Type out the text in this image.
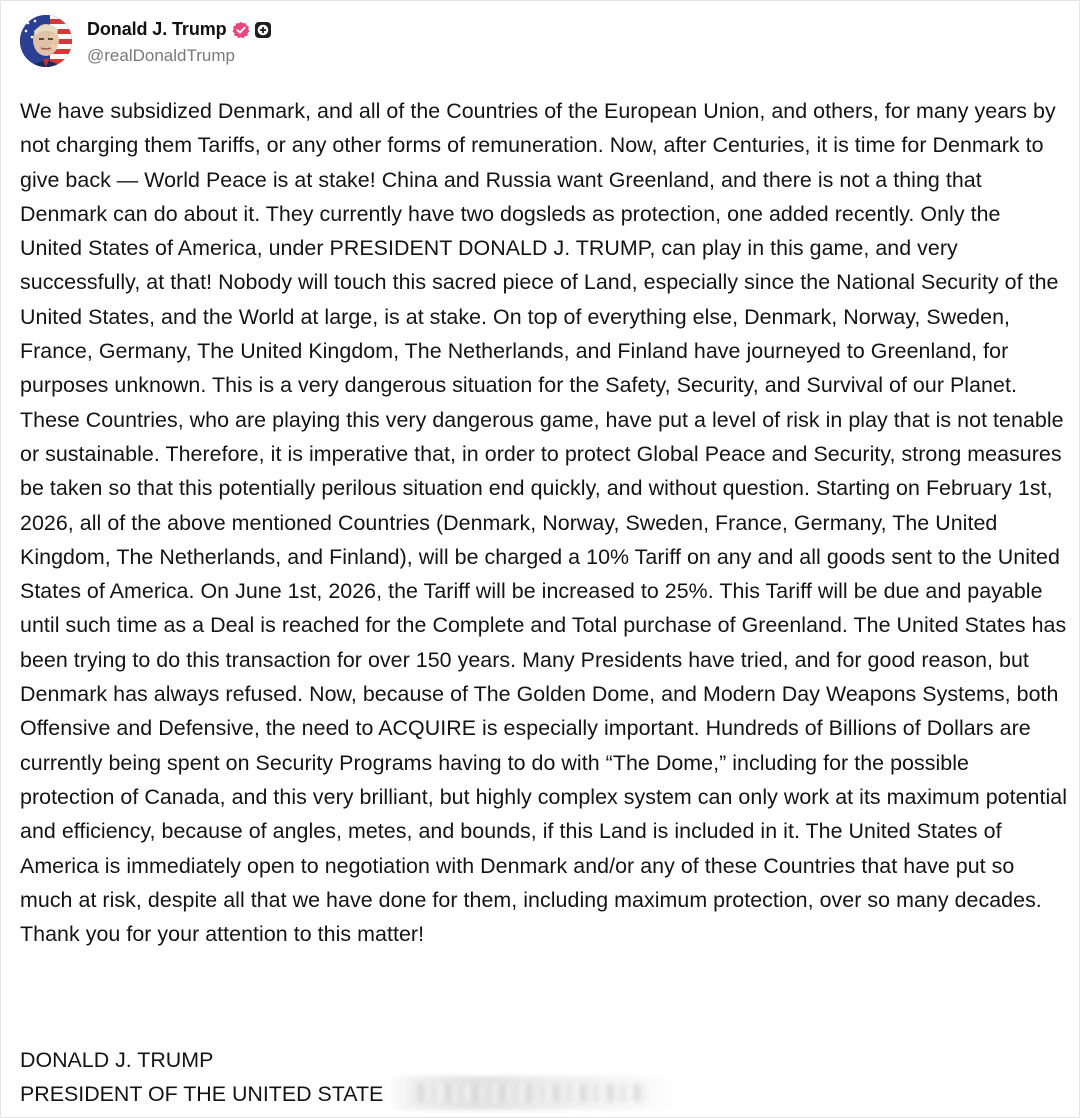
Donald J. Trump
@realDonaldTrump

We have subsidized Denmark, and all of the Countries of the European Union, and others, for many years by not charging them Tariffs, or any other forms of remuneration. Now, after Centuries, it is time for Denmark to give back — World Peace is at stake! China and Russia want Greenland, and there is not a thing that Denmark can do about it. They currently have two dogsleds as protection, one added recently. Only the United States of America, under PRESIDENT DONALD J. TRUMP, can play in this game, and very successfully, at that! Nobody will touch this sacred piece of Land, especially since the National Security of the United States, and the World at large, is at stake. On top of everything else, Denmark, Norway, Sweden, France, Germany, The United Kingdom, The Netherlands, and Finland have journeyed to Greenland, for purposes unknown. This is a very dangerous situation for the Safety, Security, and Survival of our Planet. These Countries, who are playing this very dangerous game, have put a level of risk in play that is not tenable or sustainable. Therefore, it is imperative that, in order to protect Global Peace and Security, strong measures be taken so that this potentially perilous situation end quickly, and without question. Starting on February 1st, 2026, all of the above mentioned Countries (Denmark, Norway, Sweden, France, Germany, The United Kingdom, The Netherlands, and Finland), will be charged a 10% Tariff on any and all goods sent to the United States of America. On June 1st, 2026, the Tariff will be increased to 25%. This Tariff will be due and payable until such time as a Deal is reached for the Complete and Total purchase of Greenland. The United States has been trying to do this transaction for over 150 years. Many Presidents have tried, and for good reason, but Denmark has always refused. Now, because of The Golden Dome, and Modern Day Weapons Systems, both Offensive and Defensive, the need to ACQUIRE is especially important. Hundreds of Billions of Dollars are currently being spent on Security Programs having to do with “The Dome,” including for the possible protection of Canada, and this very brilliant, but highly complex system can only work at its maximum potential and efficiency, because of angles, metes, and bounds, if this Land is included in it. The United States of America is immediately open to negotiation with Denmark and/or any of these Countries that have put so much at risk, despite all that we have done for them, including maximum protection, over so many decades. Thank you for your attention to this matter!

DONALD J. TRUMP
PRESIDENT OF THE UNITED STATE
